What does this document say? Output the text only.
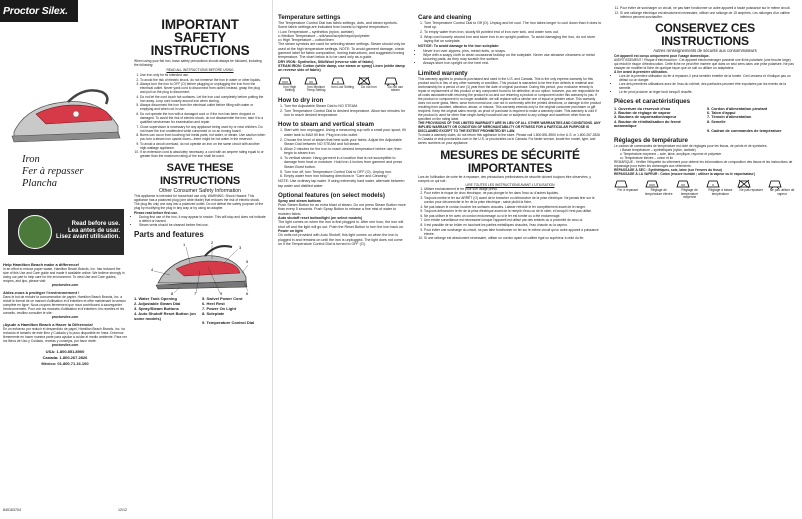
Proctor Silex.
Iron
Fer à repasser
Plancha
Read before use.
Lea antes de usar.
Lisez avant utilisation.
Help Hamilton Beach make a difference!
In an effort to reduce paper waste, Hamilton Beach Brands, Inc. has reduced the size of this Use and Care guide and made it available online. We believe strongly in doing our part to help care for the environment. To view Use and Care guides, recipes, and tips, please visit:
proctorsilex.com
Aidez-nous à protéger l'environnement !
Dans le but de réduire la consommation de papier, Hamilton Beach Brands, Inc. a réduit le format de ce manuel d'utilisation et d'entretien et offre maintenant la version complète en ligne. Nous croyons fermement que nous contribuons à sauvegarder l'environnement. Pour voir les manuels d'utilisation et d'entretien, les recettes et les conseils, veuillez consulter le site :
proctorsilex.com
¡Ayude a Hamilton Beach a Hacer la Diferencia!
En un esfuerzo por reducir el desperdicio de papel, Hamilton Beach Brands, Inc. ha reducido el tamaño de este libro y Cuidado y lo puso disponible en línea. Creemos firmemente en hacer nuestra parte para ayudar a cuidar el medio ambiente. Para ver los libros de Uso y Cuidado, recetas y consejos, por favor visite:
proctorsilex.com
USA: 1.800.851.8900
Canada: 1.800.267.2826
México: 01.800.71.16.100
840163704	12/12
IMPORTANT SAFETY INSTRUCTIONS
When using your flat iron, basic safety precautions should always be followed, including the following:
READ ALL INSTRUCTIONS BEFORE USING
1. Use iron only for its intended use.
2. To avoid the risk of electric shock, do not immerse the iron in water or other liquids.
3. Always turn the iron to OFF (O) before plugging or unplugging the iron from the electrical outlet. Never yank cord to disconnect from outlet; instead, grasp the plug and pull on the plug to disconnect.
4. Do not let the cord touch hot surfaces. Let the iron cool completely before putting the iron away. Loop cord loosely around iron when storing.
5. Always disconnect the iron from the electrical outlet before filling with water or emptying and when not in use.
6. Do not operate the iron with a damaged cord or if the iron has been dropped or damaged. To avoid the risk of electric shock, do not disassemble the iron; take it to a qualified serviceman for examination and repair.
7. Close supervision is necessary for any appliance being used by or near children. Do not leave the iron unattended while connected or on an ironing board.
8. Burns can occur from touching hot metal parts, hot water, or steam. Use caution when you turn a steam iron upside down—there might be hot water in the reservoir.
9. To avoid a circuit overload, do not operate an iron on the same circuit with another high-wattage appliance.
10. If an extension cord is absolutely necessary, a cord with an ampere rating equal to or greater than the maximum rating of the iron shall be used.
SAVE THESE INSTRUCTIONS
Other Consumer Safety Information
This appliance is intended for household use only. WARNING: Shock Hazard: This appliance has a polarized plug (one wide blade) that reduces the risk of electric shock. The plug fits only one way into a polarized outlet. Do not defeat the safety purpose of the plug by modifying the plug in any way or by using an adapter.
Please read before first use.
• During first use of the iron, it may appear to smoke. This will stop and does not indicate a defect or hazard.
• Steam vents should be cleaned before first use.
Parts and features
1	2
3
4
5
6
7
8	9
1. Water Tank Opening	5. Swivel Power Cord
2. Adjustable Steam Dial	6. Heel Rest
3. Spray/Steam Buttons	7. Power On Light
4. Auto Shutoff Reset Button (on some models)
8. Soleplate
9. Temperature Control Dial
Temperature settings
The Temperature Control Dial has fabric settings, dots, and steam symbols.
Some fabric settings are indicated from lowest to highest temperature.
• Low Temperature – synthetics (nylon, acetate)
•• Medium Temperature – silk/wool/acrylic/rayon/polyester
••• High Temperature – cotton/linen
The steam symbols are used for selecting steam settings. Steam should only be used at the high temperature settings. NOTE: To avoid garment damage, check garment label for fabric composition, ironing instructions, and suggested ironing temperature. The chart below is to be used only as a guide.
DRY IRON: Synthetics, Silk/Wool (reverse side of fabric)
STEAM IRON: Cotton (white damp, use steam or spray) Linen (white damp on reverse side of fabric)
Iron High Setting
Iron Medium Temp Setting
Iron Low Setting	Do not iron	Do not use steam
How to dry iron
1. Turn the Adjustable Steam Dial to NO STEAM.
2. Turn Temperature Control Dial to desired temperature. Allow two minutes for iron to reach desired temperature.
How to steam and vertical steam
1. Start with iron unplugged. Using a measuring cup with a small pour spout, fill water tank to MAX fill line. Plug iron into outlet.
2. Choose the level of steam that best suits your fabric. Adjust the Adjustable Steam Dial between NO STEAM and full steam.
3. Allow 2 minutes for the iron to reach desired temperature before use; then begin to steam iron.
4. To vertical steam: Hang garment in a location that is not susceptible to damage from heat or moisture. Hold iron 4 inches from garment and press Steam Burst button.
5. Turn iron off, turn Temperature Control Dial to OFF (O). Unplug iron.
6. Empty water from iron following directions in "Care and Cleaning."
NOTE: Use ordinary tap water. If using extremely hard water, alternate between tap water and distilled water.
Optional features (on select models)
Spray and steam buttons
Push Steam Button for an extra blast of steam. Do not press Steam Button more than every 5 seconds. Push Spray Button to release a fine mist of water to moisten fabric.
Auto shutoff reset button/light (on select models)
The light comes on when the iron is first plugged in. After one hour, the iron will shut off and the light will go out. Push the Reset Button to turn the iron back on.
Power on light
On units not provided with Auto Shutoff, this light comes on when the iron is plugged in and remains on until the iron is unplugged. The light does not come on if the Temperature Control Dial is turned to OFF (O).
Care and cleaning
1. Turn Temperature Control Dial to Off (O). Unplug and let cool. The iron takes longer to cool down than it does to heat up.
2. To empty water from iron, slowly tilt pointed end of iron over sink, and water runs out.
3. Wrap cord loosely around iron and store iron in an upright position. To avoid damaging the iron, do not store laying flat on soleplate.
NOTICE: To avoid damage to the iron soleplate:
• Never iron over zippers, pins, metal rivets, or snaps.
• Wipe with a soapy cloth to clean occasional buildup on the soleplate. Never use abrasive cleansers or metal scouring pads, as they may scratch the surface.
• Always store iron upright on the heel rest.
Limited warranty
This warranty applies to products purchased and used in the U.S. and Canada. This is the only express warranty for this product and is in lieu of any other warranty or condition. This product is warranted to be free from defects in material and workmanship for a period of one (1) year from the date of original purchase. During this period, your exclusive remedy is repair or replacement of this product or any component found to be defective, at our option; however, you are responsible for all costs associated with returning the product to us and our returning a product or component under this warranty to you. If the product or component is no longer available, we will replace with a similar one of equal or greater value. This warranty does not cover glass, filters, wear from normal use, use not in conformity with the printed directions, or damage to the product resulting from accident, alteration, abuse, or misuse. This warranty extends only to the original consumer purchaser or gift recipient. Keep the original sales receipt, as proof of purchase is required to make a warranty claim. This warranty is void if the product is used for other than single-family household use or subjected to any voltage and waveform other than as specified on the rating label.
THE PROVISIONS OF THIS LIMITED WARRANTY ARE IN LIEU OF ALL OTHER WARRANTIES AND CONDITIONS. ANY IMPLIED WARRANTY OR CONDITION OF MERCHANTABILITY OR FITNESS FOR A PARTICULAR PURPOSE IS DISCLAIMED EXCEPT TO THE EXTENT PROHIBITED BY LAW.
To make a warranty claim, do not return this appliance to the store. Please call 1.800.851.8900 in the U.S. or 1.800.267.2826 in Canada or visit proctorsilex.com in the U.S. or proctorsilex.ca in Canada. For faster service, locate the model, type, and series numbers on your appliance.
MESURES DE SÉCURITÉ IMPORTANTES
Lors de l'utilisation de votre fer à repasser, des précautions préliminaires de sécurité doivent toujours être observées, y compris ce qui suit :
LIRE TOUTES LES INSTRUCTIONS AVANT L'UTILISATION
1. Utiliser exclusivement le fer pour son usage prévu.
2. Pour éviter le risque de choc électrique, ne pas plonger le fer dans l'eau ou d'autres liquides.
3. Toujours mettre le fer sur ARRÊT (O) avant de le brancher ou débrancher de la prise électrique. Ne jamais tirer sur le cordon pour déconnecter le fer de la prise électrique ; saisir plutôt la fiche.
4. Ne pas laisser le cordon toucher les surfaces chaudes. Laisser refroidir le fer complètement avant de le ranger.
5. Toujours débrancher le fer de la prise électrique avant de le remplir d'eau ou de le vider, et lorsqu'il n'est pas utilisé.
6. Ne pas utiliser le fer avec un cordon endommagé ou si le fer est tombé ou a été endommagé.
7. Une étroite surveillance est nécessaire lorsque l'appareil est utilisé par des enfants ou à proximité de ceux-ci.
8. Il est possible de se brûler en touchant les parties métalliques chaudes, l'eau chaude ou la vapeur.
9. Pour éviter une surcharge du circuit, ne pas faire fonctionner un fer sur le même circuit qu'un autre appareil à puissance élevée.
10. Si une rallonge est absolument nécessaire, utiliser un cordon ayant un calibre égal ou supérieur à celui du fer.
11. Pour éviter de surcharger un circuit, ne pas faire fonctionner un autre appareil à haute puissance sur le même circuit.
12. Si une rallonge électrique est absolument nécessaire, utiliser une rallonge de 15 ampères. Les rallonges d'un calibre inférieur peuvent surchauffer.
CONSERVEZ CES INSTRUCTIONS
Autres renseignements de sécurité aux consommateurs
Cet appareil est conçu uniquement pour l'usage domestique.
AVERTISSEMENT ! Risque d'électrocution : Cet appareil électroménager possède une fiche polarisée (une broche large) qui réduit le risque d'électrocution. Cette fiche ne peut être insérée que dans un seul sens dans une prise polarisée. Ne pas essayer de modifier la fiche de quelque façon que ce soit ou utiliser un adaptateur.
À lire avant la première utilisation.
• Lors de la première utilisation du fer à repasser, il peut sembler émettre de la fumée. Ceci cessera et n'indique pas un défaut ou un danger.
• Lors des premières utilisations avec de l'eau du robinet, des particules peuvent être expulsées par les évents de la semelle.
• Le fer peut produire un léger bruit lorsqu'il chauffe.
Pièces et caractéristiques
1. Ouverture du réservoir d'eau	5. Cordon d'alimentation pivotant
2. Bouton de réglage de vapeur	6. Talon d'appui
3. Boutons de vaporisation/vapeur	7. Témoin d'alimentation
4. Bouton de réinitialisation du fermé automatique
8. Semelle
9. Cadran de commandes de température
Réglages de température
Le cadran de commandes de température est doté de réglages pour les tissus, de points et de symboles.
• Basse température – synthétiques (nylon, acétate)
•• Température moyenne – soie, laine, acrylique, rayonne et polyester
••• Température élevée – coton et lin
REMARQUE : Vérifier l'étiquette du vêtement pour obtenir les informations de composition des tissus et les instructions de repassage pour éviter les dommages aux vêtements.
REPASSAGE À SEC : Synthétiques, soie, laine (sur l'envers du tissu)
REPASSAGE À LA VAPEUR : Coton (encore humide ; utiliser la vapeur ou le vaporisateur)
Fer à repasser	Réglage de température élevée
Réglage de température moyenne
Réglage à basse température
Ne pas repasser	Ne pas utiliser de vapeur
